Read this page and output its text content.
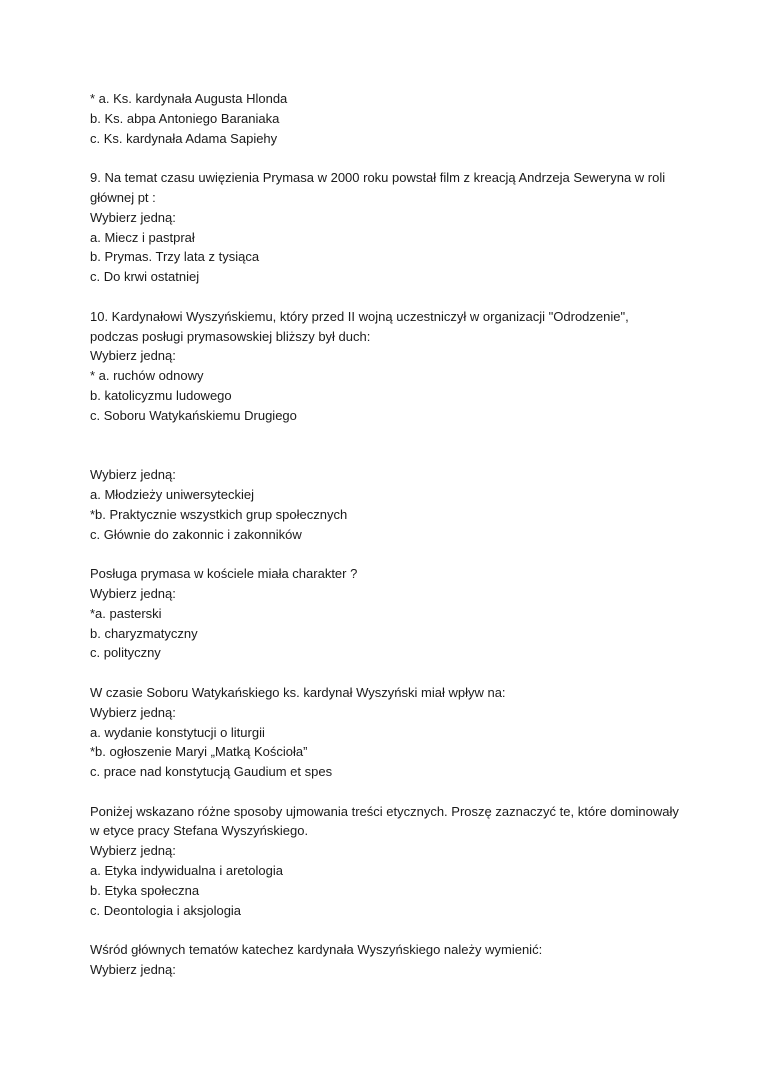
* a. Ks. kardynała Augusta Hlonda
b. Ks. abpa Antoniego Baraniaka
c. Ks. kardynała Adama Sapiehy
9. Na temat czasu uwięzienia Prymasa w 2000 roku powstał film z kreacją Andrzeja Seweryna w roli
głównej pt :
Wybierz jedną:
a. Miecz i pastprał
b. Prymas. Trzy lata z tysiąca
c. Do krwi ostatniej
10. Kardynałowi Wyszyńskiemu, który przed II wojną uczestniczył w organizacji "Odrodzenie",
podczas posługi prymasowskiej bliższy był duch:
Wybierz jedną:
* a. ruchów odnowy
b. katolicyzmu ludowego
c. Soboru Watykańskiemu Drugiego
Wybierz jedną:
a. Młodzieży uniwersyteckiej
*b. Praktycznie wszystkich grup społecznych
c. Głównie do zakonnic i zakonników
Posługa prymasa w kościele miała charakter ?
Wybierz jedną:
*a. pasterski
b. charyzmatyczny
c. polityczny
W czasie Soboru Watykańskiego ks. kardynał Wyszyński miał wpływ na:
Wybierz jedną:
a. wydanie konstytucji o liturgii
*b. ogłoszenie Maryi „Matką Kościoła”
c. prace nad konstytucją Gaudium et spes
Poniżej wskazano różne sposoby ujmowania treści etycznych. Proszę zaznaczyć te, które dominowały
w etyce pracy Stefana Wyszyńskiego.
Wybierz jedną:
a. Etyka indywidualna i aretologia
b. Etyka społeczna
c. Deontologia i aksjologia
Wśród głównych tematów katechez kardynała Wyszyńskiego należy wymienić:
Wybierz jedną:
